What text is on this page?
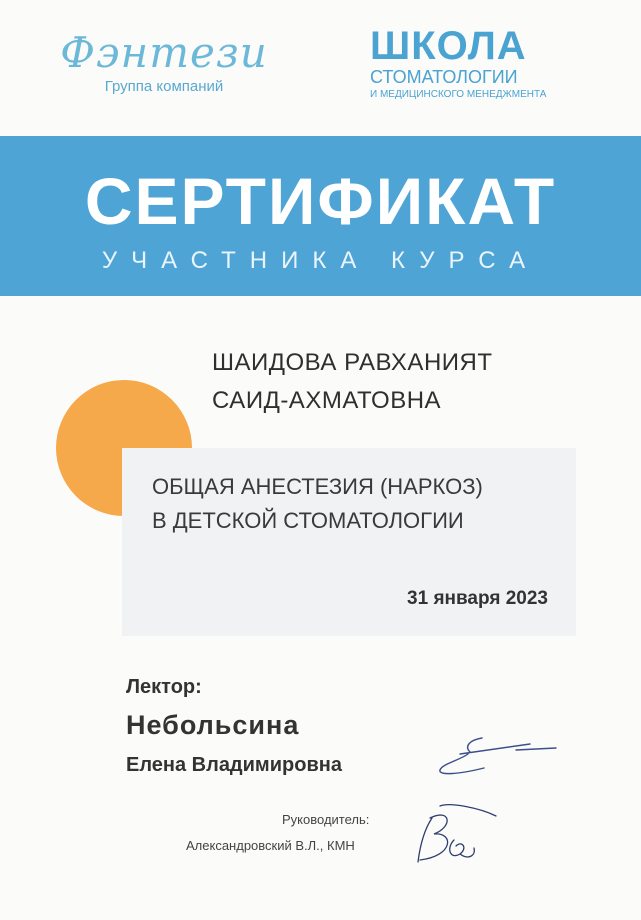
Фэнтези
Группа компаний
ШКОЛА
СТОМАТОЛОГИИ
И МЕДИЦИНСКОГО МЕНЕДЖМЕНТА
СЕРТИФИКАТ
УЧАСТНИКА КУРСА
ШАИДОВА РАВХАНИЯТ
САИД-АХМАТОВНА
ОБЩАЯ АНЕСТЕЗИЯ (НАРКОЗ)
В ДЕТСКОЙ СТОМАТОЛОГИИ
31 января 2023
Лектор:
Небольсина
Елена Владимировна
Руководитель:
Александровский В.Л., КМН
